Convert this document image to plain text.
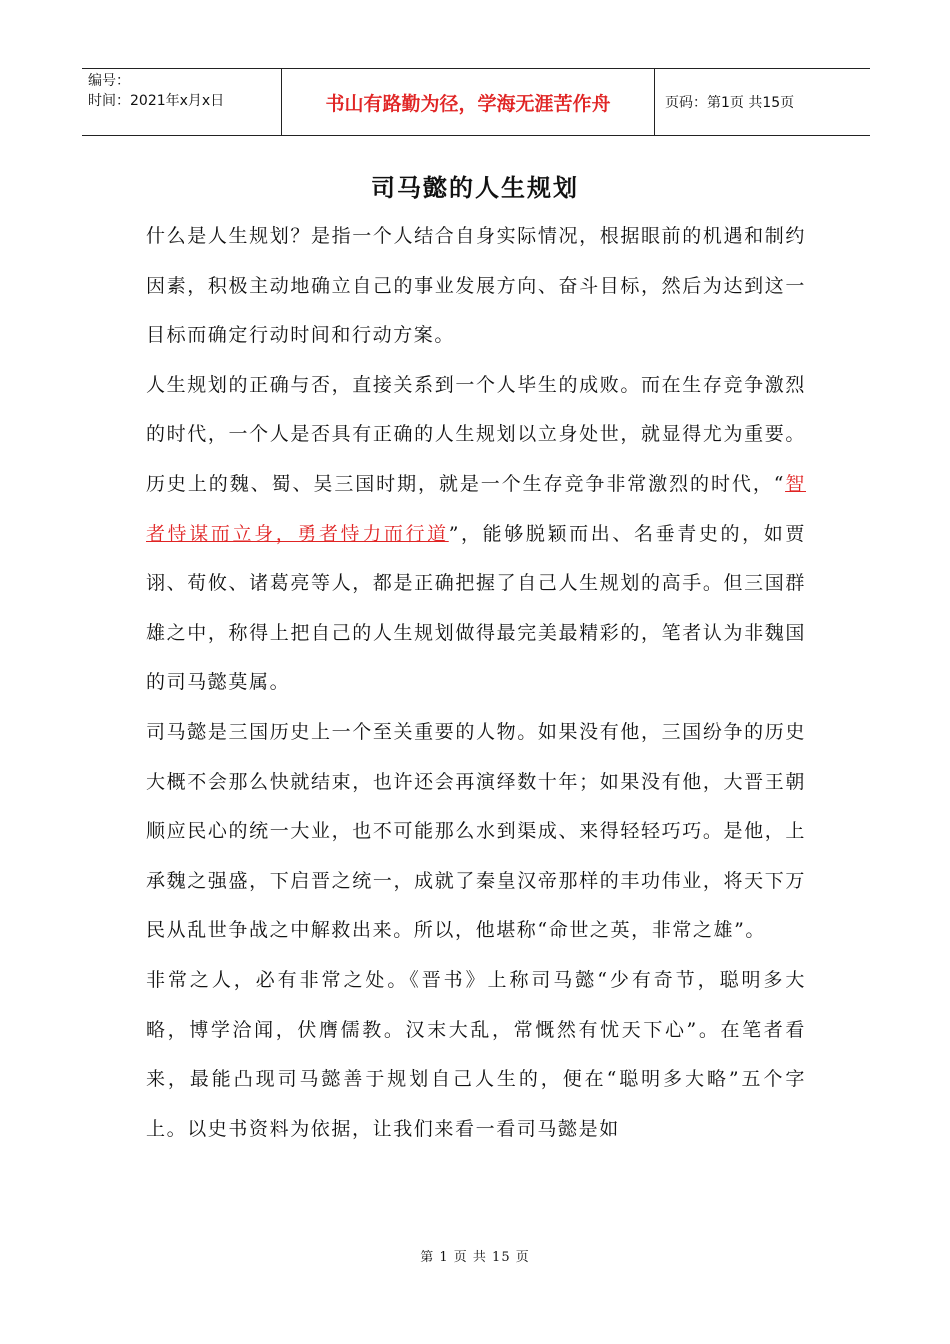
编号：
时间：2021年x月x日	书山有路勤为径，学海无涯苦作舟	页码：第1页 共15页
司马懿的人生规划

什么是人生规划？是指一个人结合自身实际情况，根据眼前的机遇和制约因素，积极主动地确立自己的事业发展方向、奋斗目标，然后为达到这一目标而确定行动时间和行动方案。

人生规划的正确与否，直接关系到一个人毕生的成败。而在生存竞争激烈的时代，一个人是否具有正确的人生规划以立身处世，就显得尤为重要。历史上的魏、蜀、吴三国时期，就是一个生存竞争非常激烈的时代，“智者恃谋而立身，勇者恃力而行道”，能够脱颖而出、名垂青史的，如贾诩、荀攸、诸葛亮等人，都是正确把握了自己人生规划的高手。但三国群雄之中，称得上把自己的人生规划做得最完美最精彩的，笔者认为非魏国的司马懿莫属。

司马懿是三国历史上一个至关重要的人物。如果没有他，三国纷争的历史大概不会那么快就结束，也许还会再演绎数十年；如果没有他，大晋王朝顺应民心的统一大业，也不可能那么水到渠成、来得轻轻巧巧。是他，上承魏之强盛，下启晋之统一，成就了秦皇汉帝那样的丰功伟业，将天下万民从乱世争战之中解救出来。所以，他堪称“命世之英，非常之雄”。

非常之人，必有非常之处。《晋书》上称司马懿“少有奇节，聪明多大略，博学洽闻，伏膺儒教。汉末大乱，常慨然有忧天下心”。在笔者看来，最能凸现司马懿善于规划自己人生的，便在“聪明多大略”五个字上。以史书资料为依据，让我们来看一看司马懿是如

第 1 页 共 15 页
